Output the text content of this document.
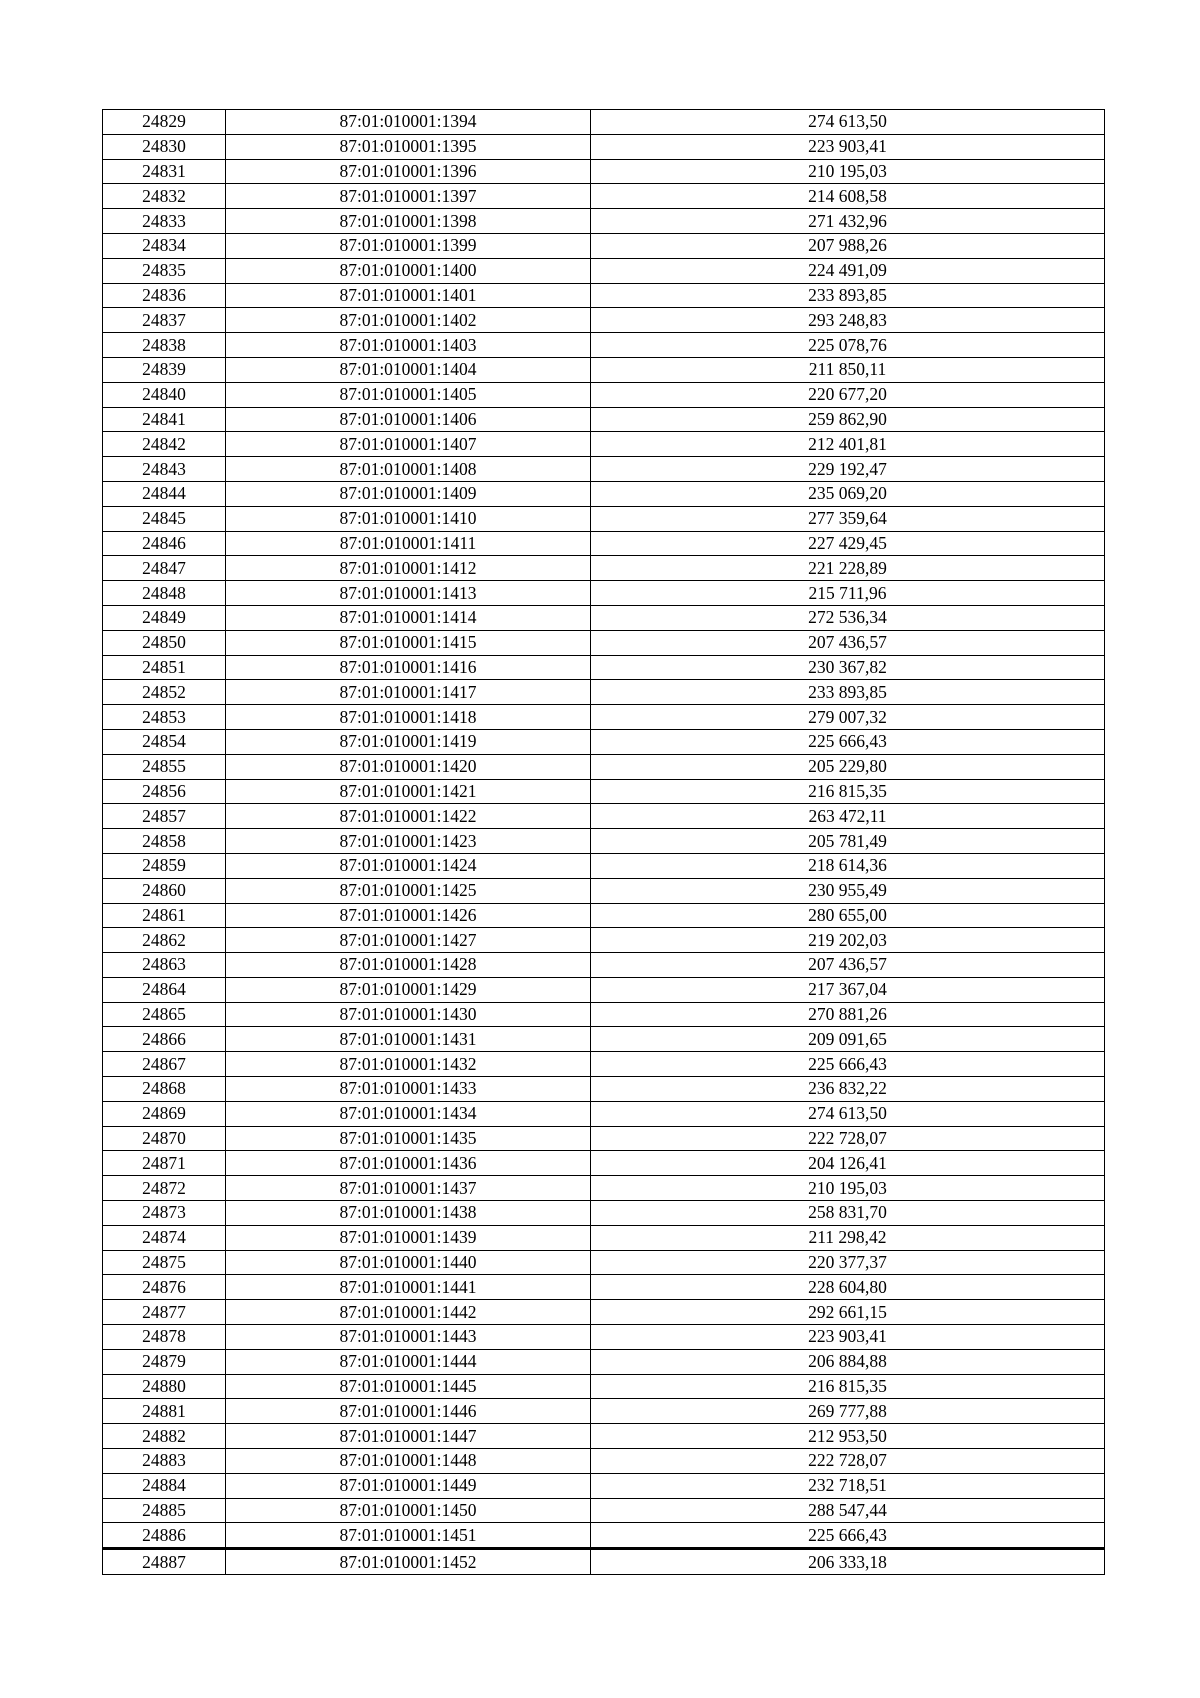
24829	87:01:010001:1394	274 613,50
24830	87:01:010001:1395	223 903,41
24831	87:01:010001:1396	210 195,03
24832	87:01:010001:1397	214 608,58
24833	87:01:010001:1398	271 432,96
24834	87:01:010001:1399	207 988,26
24835	87:01:010001:1400	224 491,09
24836	87:01:010001:1401	233 893,85
24837	87:01:010001:1402	293 248,83
24838	87:01:010001:1403	225 078,76
24839	87:01:010001:1404	211 850,11
24840	87:01:010001:1405	220 677,20
24841	87:01:010001:1406	259 862,90
24842	87:01:010001:1407	212 401,81
24843	87:01:010001:1408	229 192,47
24844	87:01:010001:1409	235 069,20
24845	87:01:010001:1410	277 359,64
24846	87:01:010001:1411	227 429,45
24847	87:01:010001:1412	221 228,89
24848	87:01:010001:1413	215 711,96
24849	87:01:010001:1414	272 536,34
24850	87:01:010001:1415	207 436,57
24851	87:01:010001:1416	230 367,82
24852	87:01:010001:1417	233 893,85
24853	87:01:010001:1418	279 007,32
24854	87:01:010001:1419	225 666,43
24855	87:01:010001:1420	205 229,80
24856	87:01:010001:1421	216 815,35
24857	87:01:010001:1422	263 472,11
24858	87:01:010001:1423	205 781,49
24859	87:01:010001:1424	218 614,36
24860	87:01:010001:1425	230 955,49
24861	87:01:010001:1426	280 655,00
24862	87:01:010001:1427	219 202,03
24863	87:01:010001:1428	207 436,57
24864	87:01:010001:1429	217 367,04
24865	87:01:010001:1430	270 881,26
24866	87:01:010001:1431	209 091,65
24867	87:01:010001:1432	225 666,43
24868	87:01:010001:1433	236 832,22
24869	87:01:010001:1434	274 613,50
24870	87:01:010001:1435	222 728,07
24871	87:01:010001:1436	204 126,41
24872	87:01:010001:1437	210 195,03
24873	87:01:010001:1438	258 831,70
24874	87:01:010001:1439	211 298,42
24875	87:01:010001:1440	220 377,37
24876	87:01:010001:1441	228 604,80
24877	87:01:010001:1442	292 661,15
24878	87:01:010001:1443	223 903,41
24879	87:01:010001:1444	206 884,88
24880	87:01:010001:1445	216 815,35
24881	87:01:010001:1446	269 777,88
24882	87:01:010001:1447	212 953,50
24883	87:01:010001:1448	222 728,07
24884	87:01:010001:1449	232 718,51
24885	87:01:010001:1450	288 547,44
24886	87:01:010001:1451	225 666,43
24887	87:01:010001:1452	206 333,18
